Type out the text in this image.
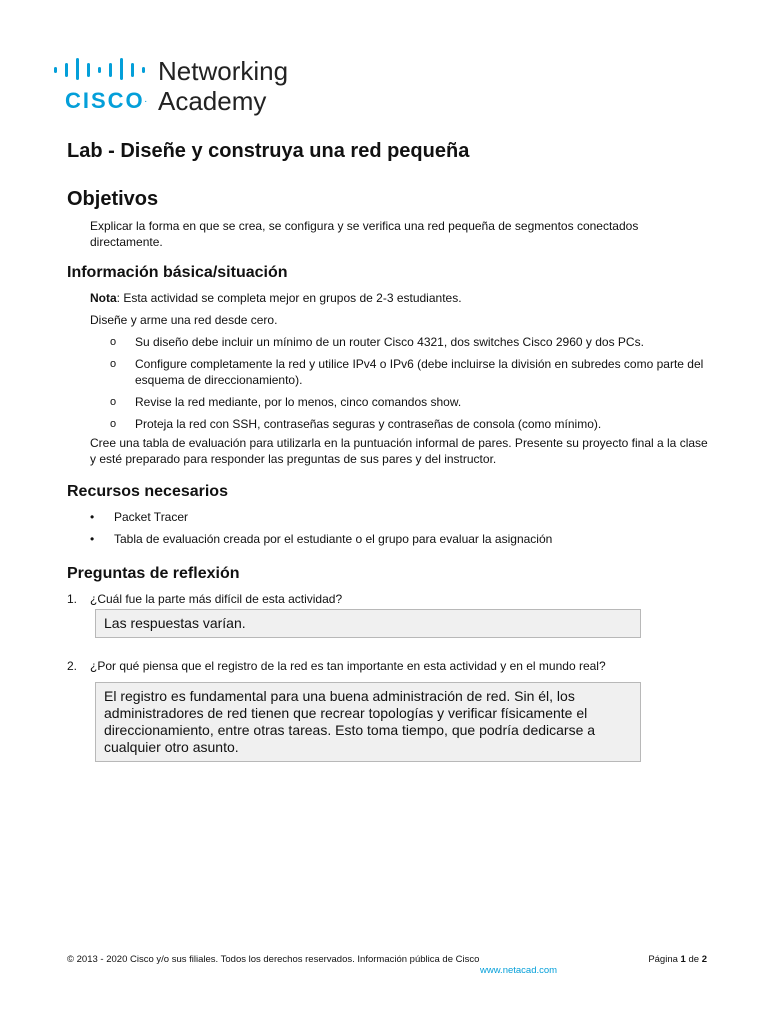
CISCO.
Networking
Academy
Lab - Diseñe y construya una red pequeña
Objetivos

Explicar la forma en que se crea, se configura y se verifica una red pequeña de segmentos conectados directamente.

Información básica/situación

Nota: Esta actividad se completa mejor en grupos de 2-3 estudiantes.

Diseñe y arme una red desde cero.

o Su diseño debe incluir un mínimo de un router Cisco 4321, dos switches Cisco 2960 y dos PCs.
o Configure completamente la red y utilice IPv4 o IPv6 (debe incluirse la división en subredes como parte del esquema de direccionamiento).
o Revise la red mediante, por lo menos, cinco comandos show.
o Proteja la red con SSH, contraseñas seguras y contraseñas de consola (como mínimo).

Cree una tabla de evaluación para utilizarla en la puntuación informal de pares. Presente su proyecto final a la clase y esté preparado para responder las preguntas de sus pares y del instructor.

Recursos necesarios
• Packet Tracer
• Tabla de evaluación creada por el estudiante o el grupo para evaluar la asignación
Preguntas de reflexión
1. ¿Cuál fue la parte más difícil de esta actividad?
Las respuestas varían.
2. ¿Por qué piensa que el registro de la red es tan importante en esta actividad y en el mundo real?
El registro es fundamental para una buena administración de red. Sin él, los administradores de red tienen que recrear topologías y verificar físicamente el direccionamiento, entre otras tareas. Esto toma tiempo, que podría dedicarse a cualquier otro asunto.
© 2013 - 2020 Cisco y/o sus filiales. Todos los derechos reservados. Información pública de Cisco	Página 1 de 2
www.netacad.com
